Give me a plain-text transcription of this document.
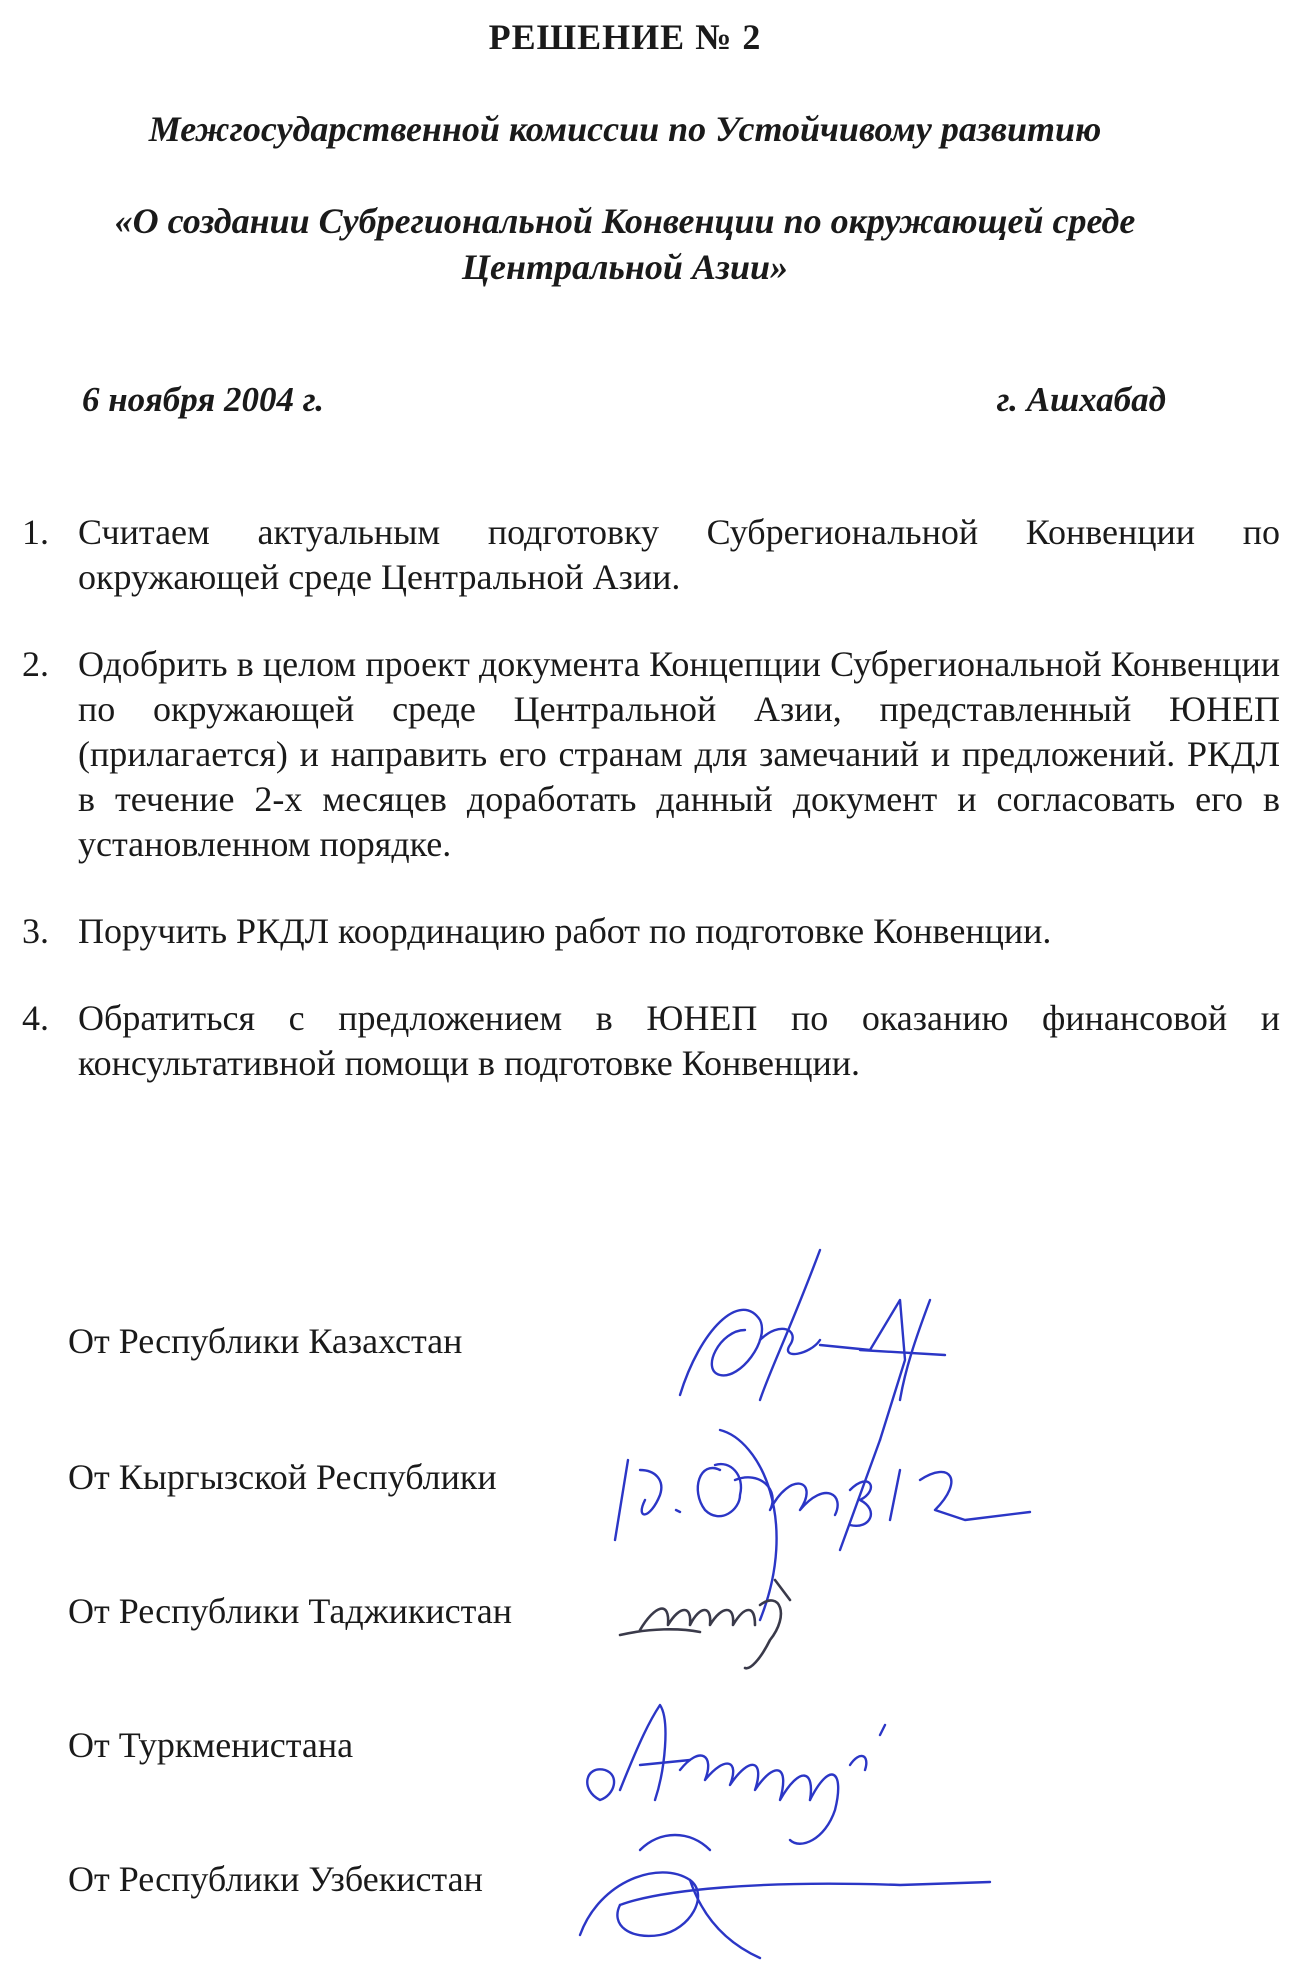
РЕШЕНИЕ № 2
Межгосударственной комиссии по Устойчивому развитию
«О создании Субрегиональной Конвенции по окружающей среде Центральной Азии»
6 ноября 2004 г.	г. Ашхабад
1. Считаем актуальным подготовку Субрегиональной Конвенции по окружающей среде Центральной Азии.
2. Одобрить в целом проект документа Концепции Субрегиональной Конвенции по окружающей среде Центральной Азии, представленный ЮНЕП (прилагается) и направить его странам для замечаний и предложений. РКДЛ в течение 2-х месяцев доработать данный документ и согласовать его в установленном порядке.
3. Поручить РКДЛ координацию работ по подготовке Конвенции.
4. Обратиться с предложением в ЮНЕП по оказанию финансовой и консультативной помощи в подготовке Конвенции.
От Республики Казахстан
От Кыргызской Республики
От Республики Таджикистан
От Туркменистана
От Республики Узбекистан
